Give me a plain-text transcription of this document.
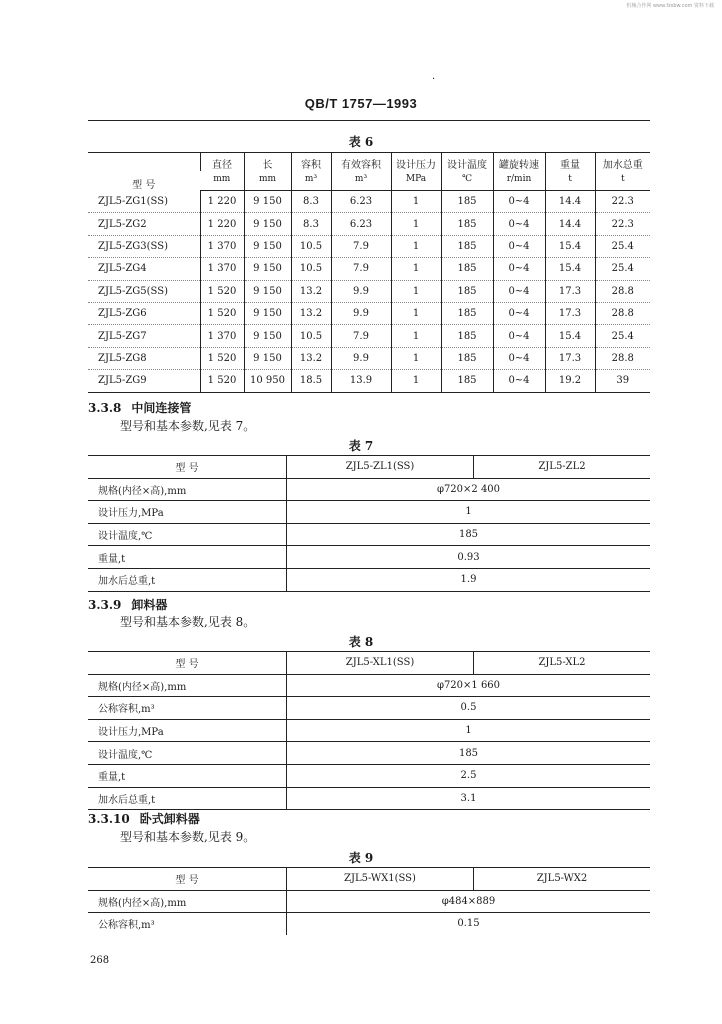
机械合作网 www.fzsbw.com 资料下载
·
QB/T 1757—1993
表 6
型 号	直径	长	容积	有效容积	设计压力	设计温度	罐旋转速	重量	加水总重
	mm	mm	m³	m³	MPa	℃	r/min	t	t
ZJL5-ZG1(SS)	1 220	9 150	8.3	6.23	1	185	0~4	14.4	22.3
ZJL5-ZG2	1 220	9 150	8.3	6.23	1	185	0~4	14.4	22.3
ZJL5-ZG3(SS)	1 370	9 150	10.5	7.9	1	185	0~4	15.4	25.4
ZJL5-ZG4	1 370	9 150	10.5	7.9	1	185	0~4	15.4	25.4
ZJL5-ZG5(SS)	1 520	9 150	13.2	9.9	1	185	0~4	17.3	28.8
ZJL5-ZG6	1 520	9 150	13.2	9.9	1	185	0~4	17.3	28.8
ZJL5-ZG7	1 370	9 150	10.5	7.9	1	185	0~4	15.4	25.4
ZJL5-ZG8	1 520	9 150	13.2	9.9	1	185	0~4	17.3	28.8
ZJL5-ZG9	1 520	10 950	18.5	13.9	1	185	0~4	19.2	39
3.3.8 中间连接管
型号和基本参数,见表 7。
表 7
型 号	ZJL5-ZL1(SS)	ZJL5-ZL2
规格(内径×高),mm	φ720×2 400	
设计压力,MPa	1	
设计温度,℃	185	
重量,t	0.93	
加水后总重,t	1.9	
3.3.9 卸料器
型号和基本参数,见表 8。
表 8
型 号	ZJL5-XL1(SS)	ZJL5-XL2
规格(内径×高),mm	φ720×1 660	
公称容积,m³	0.5	
设计压力,MPa	1	
设计温度,℃	185	
重量,t	2.5	
加水后总重,t	3.1	
3.3.10 卧式卸料器
型号和基本参数,见表 9。
表 9
型 号	ZJL5-WX1(SS)	ZJL5-WX2
规格(内径×高),mm	φ484×889	
公称容积,m³	0.15	
268
